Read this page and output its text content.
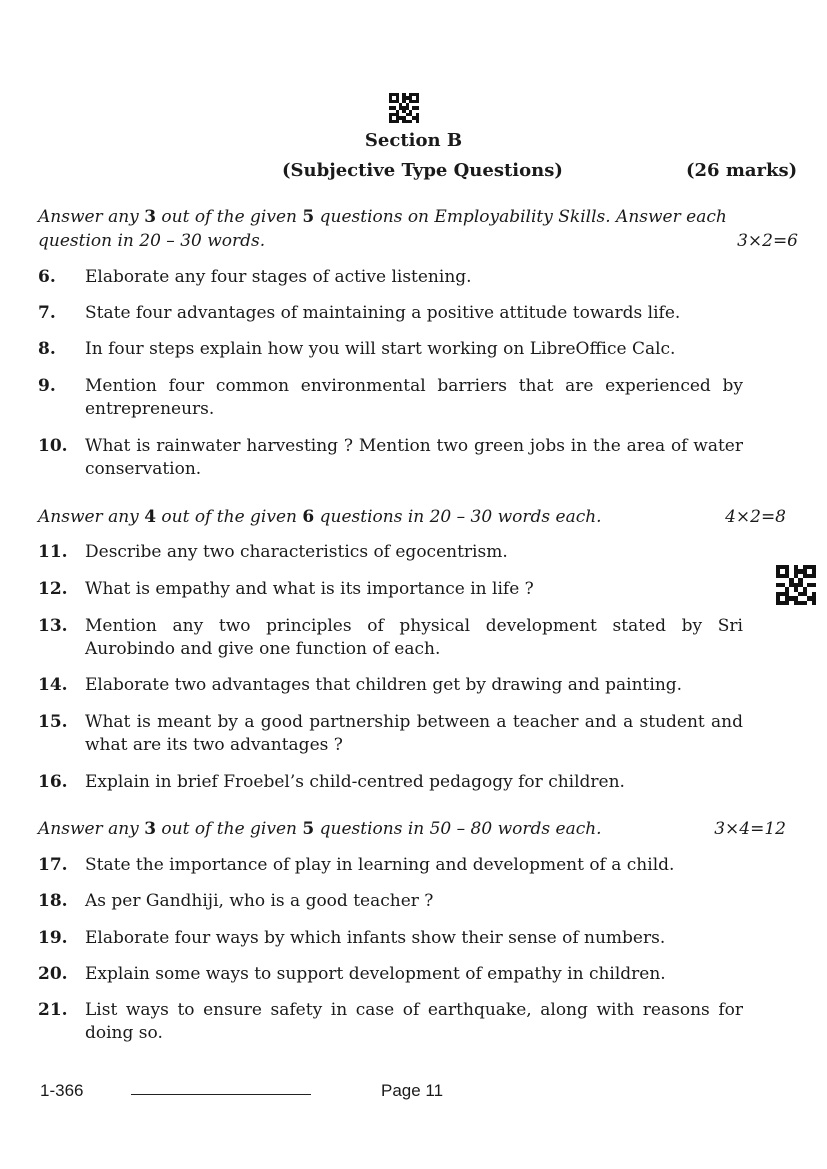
Section B
(Subjective Type Questions)	(26 marks)
Answer any 3 out of the given 5 questions on Employability Skills. Answer each
question in 20 – 30 words.	3×2=6
6. Elaborate any four stages of active listening.
7. State four advantages of maintaining a positive attitude towards life.
8. In four steps explain how you will start working on LibreOffice Calc.
9. Mention four common environmental barriers that are experienced by entrepreneurs.
10. What is rainwater harvesting ? Mention two green jobs in the area of water conservation.
Answer any 4 out of the given 6 questions in 20 – 30 words each.	4×2=8
11. Describe any two characteristics of egocentrism.
12. What is empathy and what is its importance in life ?
13. Mention any two principles of physical development stated by Sri Aurobindo and give one function of each.
14. Elaborate two advantages that children get by drawing and painting.
15. What is meant by a good partnership between a teacher and a student and what are its two advantages ?
16. Explain in brief Froebel’s child-centred pedagogy for children.
Answer any 3 out of the given 5 questions in 50 – 80 words each.	3×4=12
17. State the importance of play in learning and development of a child.
18. As per Gandhiji, who is a good teacher ?
19. Elaborate four ways by which infants show their sense of numbers.
20. Explain some ways to support development of empathy in children.
21. List ways to ensure safety in case of earthquake, along with reasons for doing so.
1-366	Page 11
